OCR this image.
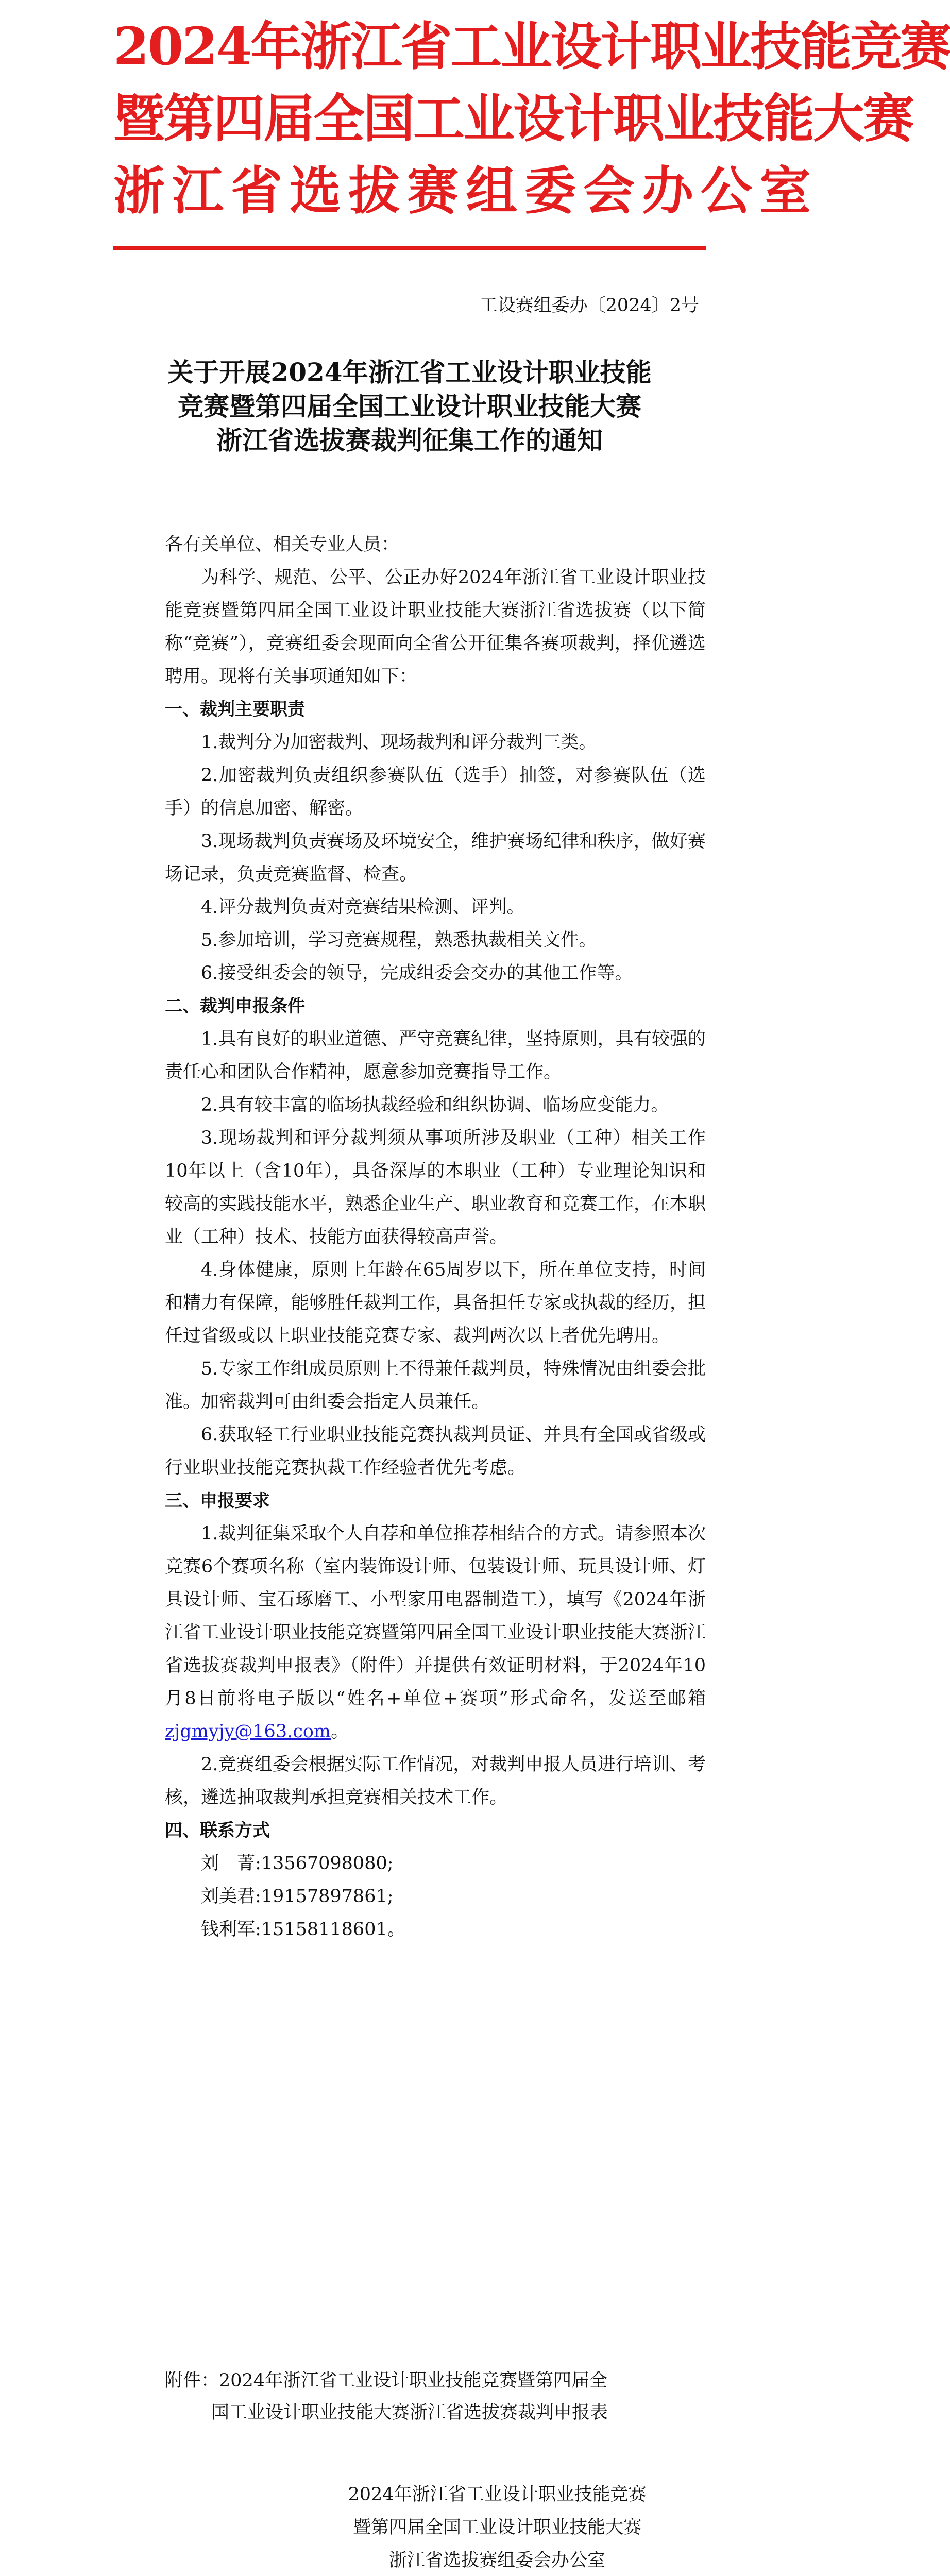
2024年浙江省工业设计职业技能竞赛
暨第四届全国工业设计职业技能大赛
浙江省选拔赛组委会办公室
工设赛组委办〔2024〕2号
关于开展2024年浙江省工业设计职业技能
竞赛暨第四届全国工业设计职业技能大赛
浙江省选拔赛裁判征集工作的通知

各有关单位、相关专业人员：

为科学、规范、公平、公正办好2024年浙江省工业设计职业技能竞赛暨第四届全国工业设计职业技能大赛浙江省选拔赛（以下简称“竞赛”），竞赛组委会现面向全省公开征集各赛项裁判，择优遴选聘用。现将有关事项通知如下：

一、裁判主要职责

1.裁判分为加密裁判、现场裁判和评分裁判三类。

2.加密裁判负责组织参赛队伍（选手）抽签，对参赛队伍（选手）的信息加密、解密。

3.现场裁判负责赛场及环境安全，维护赛场纪律和秩序，做好赛场记录，负责竞赛监督、检查。

4.评分裁判负责对竞赛结果检测、评判。

5.参加培训，学习竞赛规程，熟悉执裁相关文件。

6.接受组委会的领导，完成组委会交办的其他工作等。

二、裁判申报条件

1.具有良好的职业道德、严守竞赛纪律，坚持原则，具有较强的责任心和团队合作精神，愿意参加竞赛指导工作。

2.具有较丰富的临场执裁经验和组织协调、临场应变能力。

3.现场裁判和评分裁判须从事项所涉及职业（工种）相关工作10年以上（含10年），具备深厚的本职业（工种）专业理论知识和较高的实践技能水平，熟悉企业生产、职业教育和竞赛工作，在本职业（工种）技术、技能方面获得较高声誉。

4.身体健康，原则上年龄在65周岁以下，所在单位支持，时间和精力有保障，能够胜任裁判工作，具备担任专家或执裁的经历，担任过省级或以上职业技能竞赛专家、裁判两次以上者优先聘用。

5.专家工作组成员原则上不得兼任裁判员，特殊情况由组委会批准。加密裁判可由组委会指定人员兼任。

6.获取轻工行业职业技能竞赛执裁判员证、并具有全国或省级或行业职业技能竞赛执裁工作经验者优先考虑。

三、申报要求

1.裁判征集采取个人自荐和单位推荐相结合的方式。请参照本次竞赛6个赛项名称（室内装饰设计师、包装设计师、玩具设计师、灯具设计师、宝石琢磨工、小型家用电器制造工），填写《2024年浙江省工业设计职业技能竞赛暨第四届全国工业设计职业技能大赛浙江省选拔赛裁判申报表》（附件）并提供有效证明材料，于2024年10月8日前将电子版以“姓名+单位+赛项”形式命名，发送至邮箱zjgmyjy@163.com。

2.竞赛组委会根据实际工作情况，对裁判申报人员进行培训、考核，遴选抽取裁判承担竞赛相关技术工作。

四、联系方式

刘　菁:13567098080;

刘美君:19157897861;

钱利军:15158118601。

附件：2024年浙江省工业设计职业技能竞赛暨第四届全
国工业设计职业技能大赛浙江省选拔赛裁判申报表
2024年浙江省工业设计职业技能竞赛
暨第四届全国工业设计职业技能大赛
浙江省选拔赛组委会办公室
